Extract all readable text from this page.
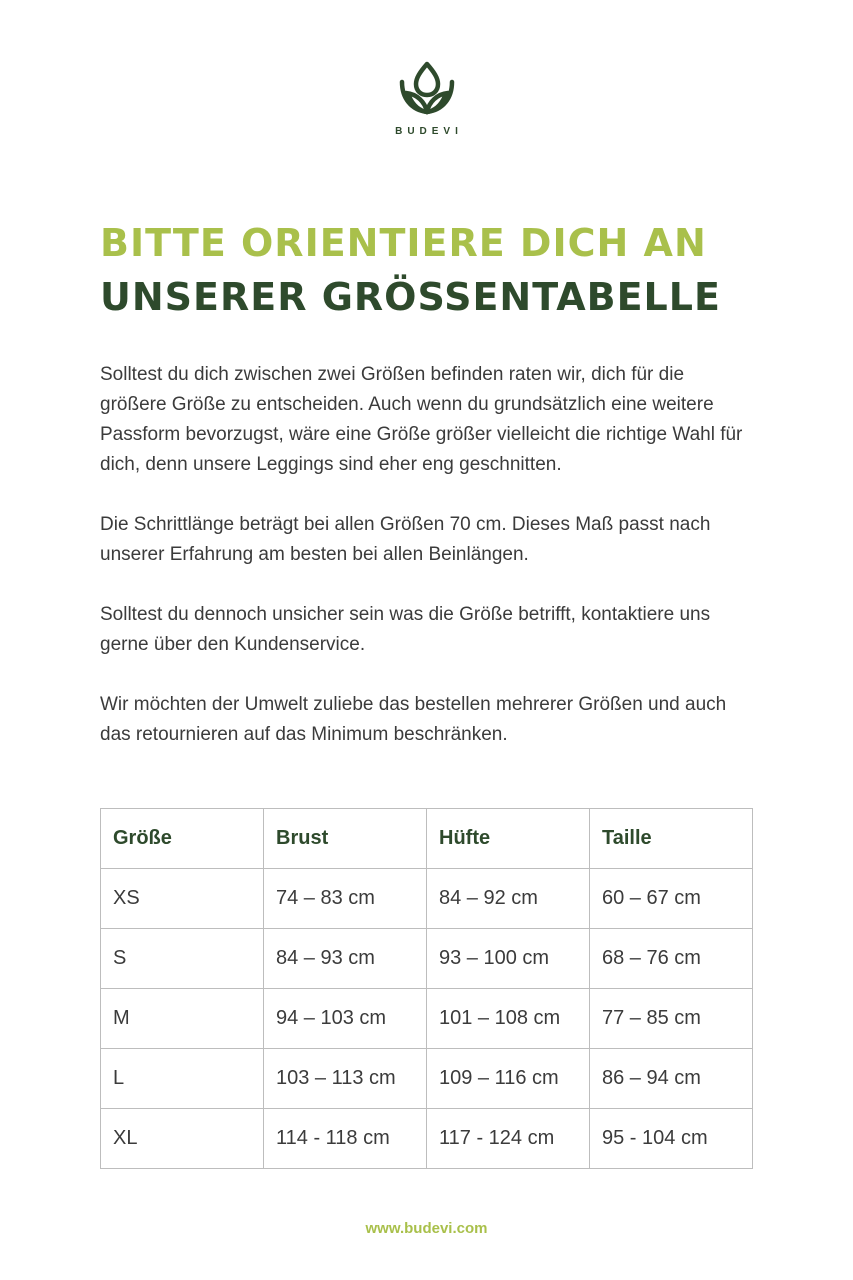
BUDEVI
BITTE ORIENTIERE DICH AN
UNSERER GRÖSSENTABELLE

Solltest du dich zwischen zwei Größen befinden raten wir, dich für die größere Größe zu entscheiden. Auch wenn du grundsätzlich eine weitere Passform bevorzugst, wäre eine Größe größer vielleicht die richtige Wahl für dich, denn unsere Leggings sind eher eng geschnitten.

Die Schrittlänge beträgt bei allen Größen 70 cm. Dieses Maß passt nach unserer Erfahrung am besten bei allen Beinlängen.

Solltest du dennoch unsicher sein was die Größe betrifft, kontaktiere uns gerne über den Kundenservice.

Wir möchten der Umwelt zuliebe das bestellen mehrerer Größen und auch das retournieren auf das Minimum beschränken.

Größe	Brust	Hüfte	Taille
XS	74 – 83 cm	84 – 92 cm	60 – 67 cm
S	84 – 93 cm	93 – 100 cm	68 – 76 cm
M	94 – 103 cm	101 – 108 cm	77 – 85 cm
L	103 – 113 cm	109 – 116 cm	86 – 94 cm
XL	114 - 118 cm	117 - 124 cm	95 - 104 cm
www.budevi.com
